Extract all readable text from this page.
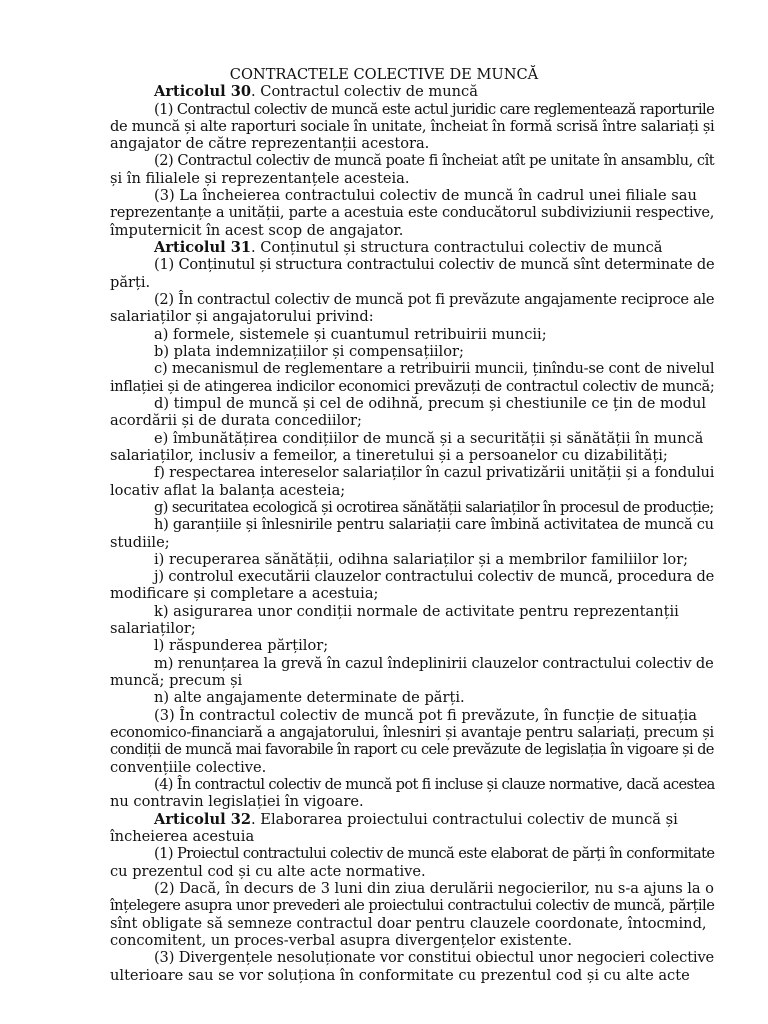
CONTRACTELE COLECTIVE DE MUNCĂ
Articolul 30. Contractul colectiv de muncă
(1) Contractul colectiv de muncă este actul juridic care reglementează raporturile
de muncă și alte raporturi sociale în unitate, încheiat în formă scrisă între salariați și
angajator de către reprezentanții acestora.
(2) Contractul colectiv de muncă poate fi încheiat atît pe unitate în ansamblu, cît
și în filialele și reprezentanțele acesteia.
(3) La încheierea contractului colectiv de muncă în cadrul unei filiale sau
reprezentanțe a unității, parte a acestuia este conducătorul subdiviziunii respective,
împuternicit în acest scop de angajator.
Articolul 31. Conținutul și structura contractului colectiv de muncă
(1) Conținutul și structura contractului colectiv de muncă sînt determinate de
părți.
(2) În contractul colectiv de muncă pot fi prevăzute angajamente reciproce ale
salariaților și angajatorului privind:
a) formele, sistemele și cuantumul retribuirii muncii;
b) plata indemnizațiilor și compensațiilor;
c) mecanismul de reglementare a retribuirii muncii, ținîndu-se cont de nivelul
inflației și de atingerea indicilor economici prevăzuți de contractul colectiv de muncă;
d) timpul de muncă și cel de odihnă, precum și chestiunile ce țin de modul
acordării și de durata concediilor;
e) îmbunătățirea condițiilor de muncă și a securității și sănătății în muncă
salariaților, inclusiv a femeilor, a tineretului și a persoanelor cu dizabilități;
f) respectarea intereselor salariaților în cazul privatizării unității și a fondului
locativ aflat la balanța acesteia;
g) securitatea ecologică și ocrotirea sănătății salariaților în procesul de producție;
h) garanțiile și înlesnirile pentru salariații care îmbină activitatea de muncă cu
studiile;
i) recuperarea sănătății, odihna salariaților și a membrilor familiilor lor;
j) controlul executării clauzelor contractului colectiv de muncă, procedura de
modificare și completare a acestuia;
k) asigurarea unor condiții normale de activitate pentru reprezentanții
salariaților;
l) răspunderea părților;
m) renunțarea la grevă în cazul îndeplinirii clauzelor contractului colectiv de
muncă; precum și
n) alte angajamente determinate de părți.
(3) În contractul colectiv de muncă pot fi prevăzute, în funcție de situația
economico-financiară a angajatorului, înlesniri și avantaje pentru salariați, precum și
condiții de muncă mai favorabile în raport cu cele prevăzute de legislația în vigoare și de
convențiile colective.
(4) În contractul colectiv de muncă pot fi incluse și clauze normative, dacă acestea
nu contravin legislației în vigoare.
Articolul 32. Elaborarea proiectului contractului colectiv de muncă și
încheierea acestuia
(1) Proiectul contractului colectiv de muncă este elaborat de părți în conformitate
cu prezentul cod și cu alte acte normative.
(2) Dacă, în decurs de 3 luni din ziua derulării negocierilor, nu s-a ajuns la o
înțelegere asupra unor prevederi ale proiectului contractului colectiv de muncă, părțile
sînt obligate să semneze contractul doar pentru clauzele coordonate, întocmind,
concomitent, un proces-verbal asupra divergențelor existente.
(3) Divergențele nesoluționate vor constitui obiectul unor negocieri colective
ulterioare sau se vor soluționa în conformitate cu prezentul cod și cu alte acte
